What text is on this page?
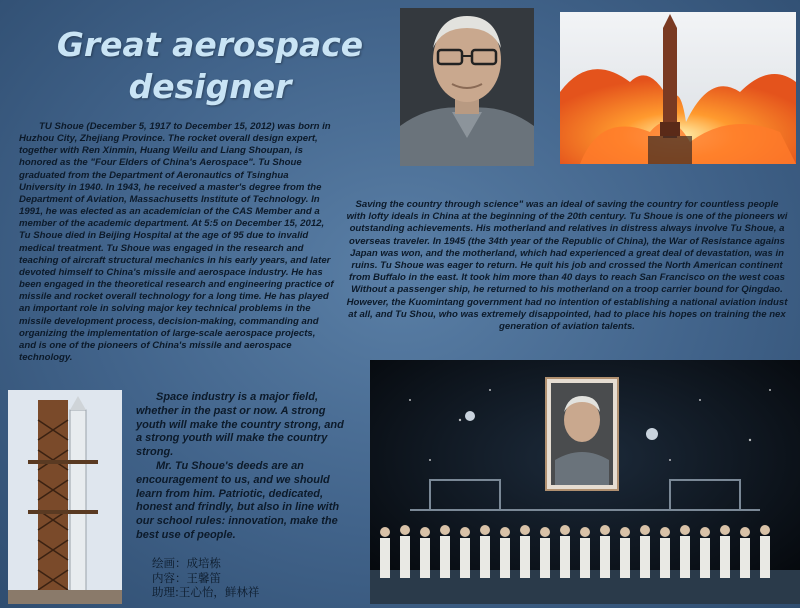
Great aerospace designer

TU Shoue (December 5, 1917 to December 15, 2012) was born in Huzhou City, Zhejiang Province. The rocket overall design expert, together with Ren Xinmin, Huang Weilu and Liang Shoupan, is honored as the "Four Elders of China's Aerospace". Tu Shoue graduated from the Department of Aeronautics of Tsinghua University in 1940. In 1943, he received a master's degree from the Department of Aviation, Massachusetts Institute of Technology. In 1991, he was elected as an academician of the CAS Member and a member of the academic department. At 5:5 on December 15, 2012, Tu Shoue died in Beijing Hospital at the age of 95 due to invalid medical treatment. Tu Shoue was engaged in the research and teaching of aircraft structural mechanics in his early years, and later devoted himself to China's missile and aerospace industry. He has been engaged in the theoretical research and engineering practice of missile and rocket overall technology for a long time. He has played an important role in solving major key technical problems in the missile development process, decision-making, commanding and organizing the implementation of large-scale aerospace projects, and is one of the pioneers of China's missile and aerospace technology.

Saving the country through science" was an ideal of saving the country for countless people
with lofty ideals in China at the beginning of the 20th century. Tu Shoue is one of the pioneers wi
outstanding achievements. His motherland and relatives in distress always involve Tu Shoue, a
overseas traveler. In 1945 (the 34th year of the Republic of China), the War of Resistance agains
Japan was won, and the motherland, which had experienced a great deal of devastation, was in
ruins. Tu Shoue was eager to return. He quit his job and crossed the North American continent
from Buffalo in the east. It took him more than 40 days to reach San Francisco on the west coas
Without a passenger ship, he returned to his motherland on a troop carrier bound for Qingdao.
However, the Kuomintang government had no intention of establishing a national aviation indust
at all, and Tu Shou, who was extremely disappointed, had to place his hopes on training the nex
generation of aviation talents.

Space industry is a major field, whether in the past or now. A strong youth will make the country strong, and a strong youth will make the country strong.

Mr. Tu Shoue's deeds are an encouragement to us, and we should learn from him. Patriotic, dedicated, honest and frindly, but also in line with our school rules: innovation, make the best use of people.

绘画：成培栋
内容：王馨笛
助理:王心怡，鲜林祥
